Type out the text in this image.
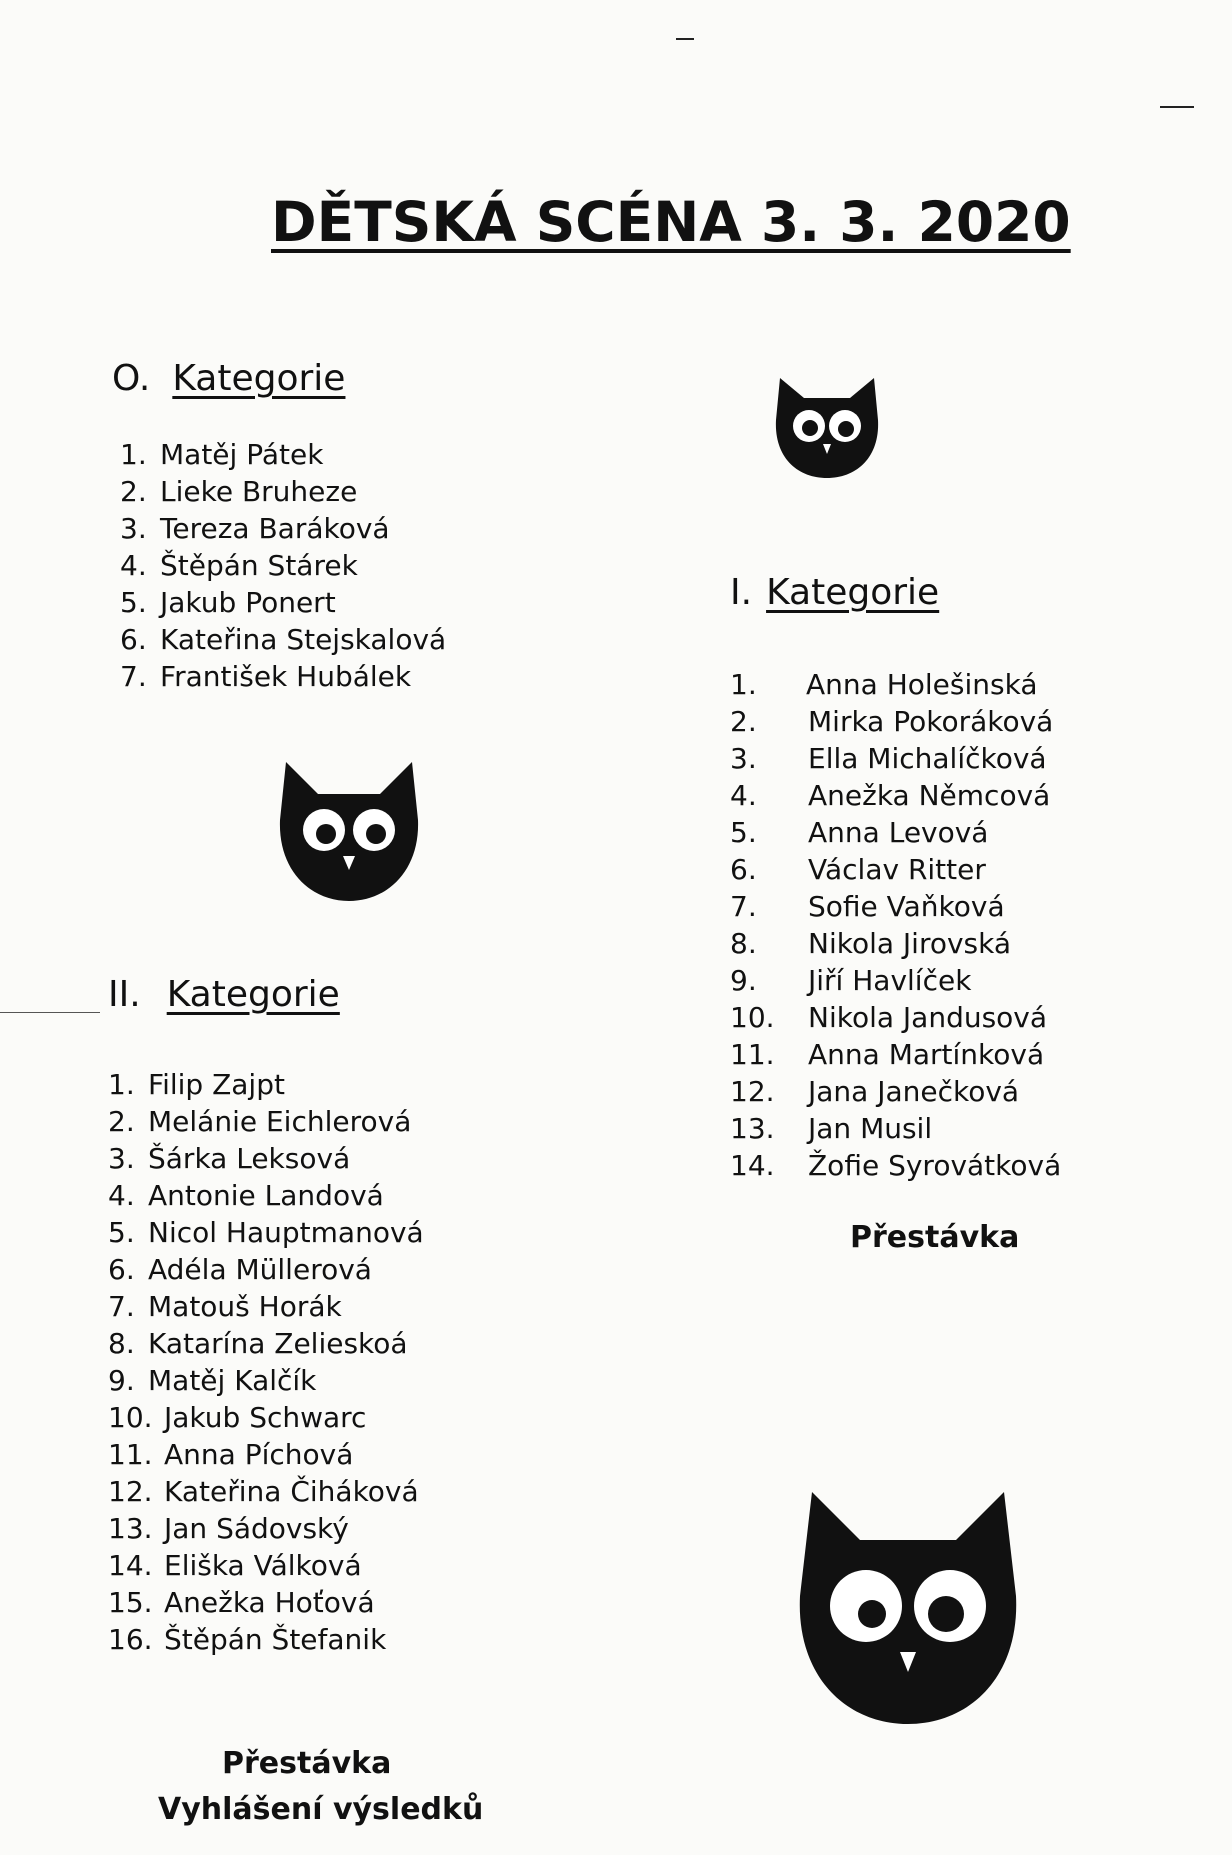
DĚTSKÁ SCÉNA 3. 3. 2020
O. Kategorie
1. Matěj Pátek
2. Lieke Bruheze
3. Tereza Baráková
4. Štěpán Stárek
5. Jakub Ponert
6. Kateřina Stejskalová
7. František Hubálek
I. Kategorie
1. Anna Holešinská
2. Mirka Pokoráková
3. Ella Michalíčková
4. Anežka Němcová
5. Anna Levová
6. Václav Ritter
7. Sofie Vaňková
8. Nikola Jirovská
9. Jiří Havlíček
10. Nikola Jandusová
11. Anna Martínková
12. Jana Janečková
13. Jan Musil
14. Žofie Syrovátková
Přestávka
II. Kategorie
1. Filip Zajpt
2. Melánie Eichlerová
3. Šárka Leksová
4. Antonie Landová
5. Nicol Hauptmanová
6. Adéla Müllerová
7. Matouš Horák
8. Katarína Zelieskoá
9. Matěj Kalčík
10. Jakub Schwarc
11. Anna Píchová
12. Kateřina Čiháková
13. Jan Sádovský
14. Eliška Válková
15. Anežka Hoťová
16. Štěpán Štefanik
Přestávka
Vyhlášení výsledků
